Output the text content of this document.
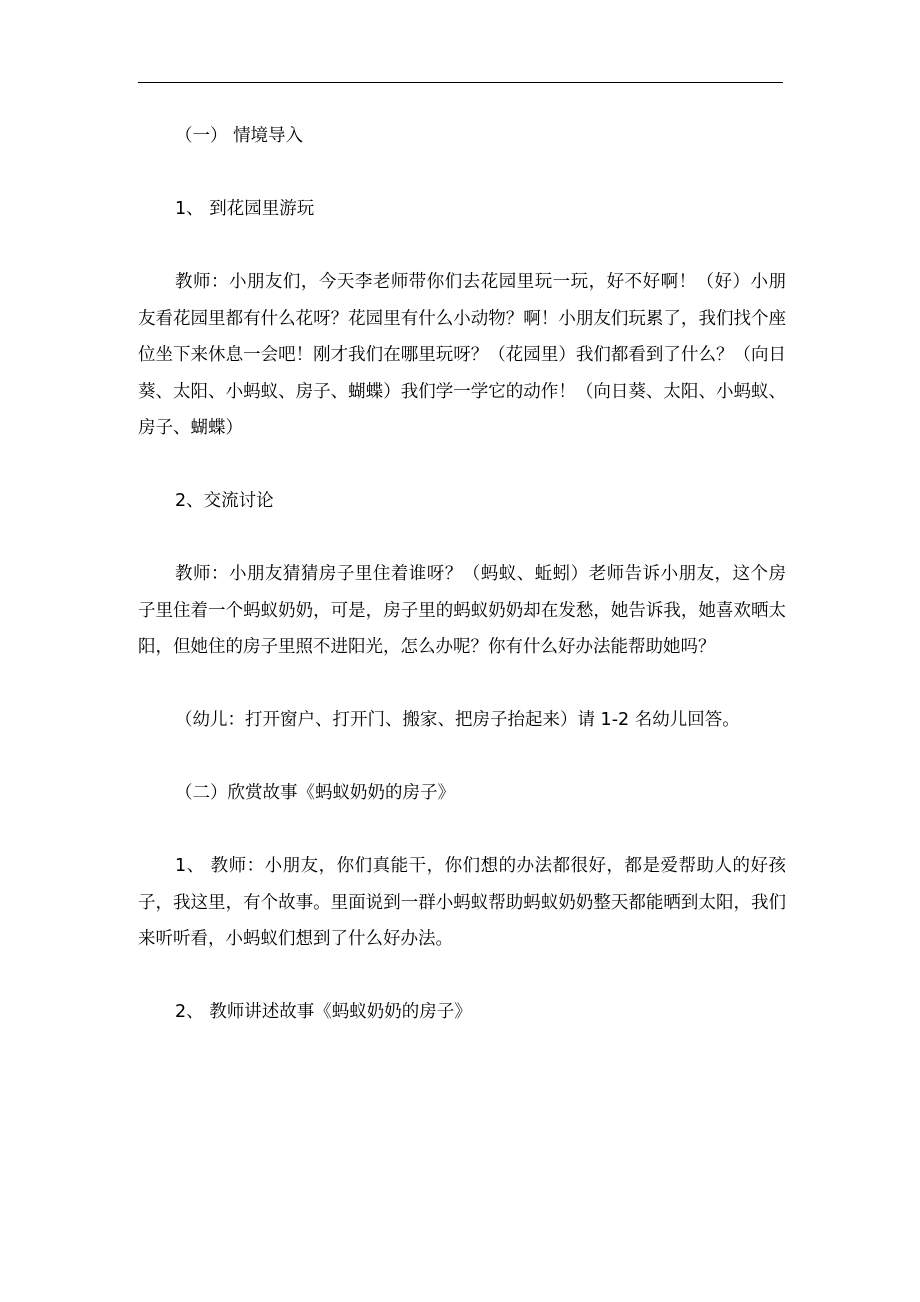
（一） 情境导入

1、 到花园里游玩

教师：小朋友们，今天李老师带你们去花园里玩一玩，好不好啊！（好）小朋友看花园里都有什么花呀？花园里有什么小动物？啊！小朋友们玩累了，我们找个座位坐下来休息一会吧！刚才我们在哪里玩呀？（花园里）我们都看到了什么？（向日葵、太阳、小蚂蚁、房子、蝴蝶）我们学一学它的动作！（向日葵、太阳、小蚂蚁、房子、蝴蝶）

2、交流讨论

教师：小朋友猜猜房子里住着谁呀？（蚂蚁、蚯蚓）老师告诉小朋友，这个房子里住着一个蚂蚁奶奶，可是，房子里的蚂蚁奶奶却在发愁，她告诉我，她喜欢晒太阳，但她住的房子里照不进阳光，怎么办呢？你有什么好办法能帮助她吗？

（幼儿：打开窗户、打开门、搬家、把房子抬起来）请 1-2 名幼儿回答。

（二）欣赏故事《蚂蚁奶奶的房子》

1、 教师：小朋友，你们真能干，你们想的办法都很好，都是爱帮助人的好孩子，我这里，有个故事。里面说到一群小蚂蚁帮助蚂蚁奶奶整天都能晒到太阳，我们来听听看，小蚂蚁们想到了什么好办法。

2、 教师讲述故事《蚂蚁奶奶的房子》
